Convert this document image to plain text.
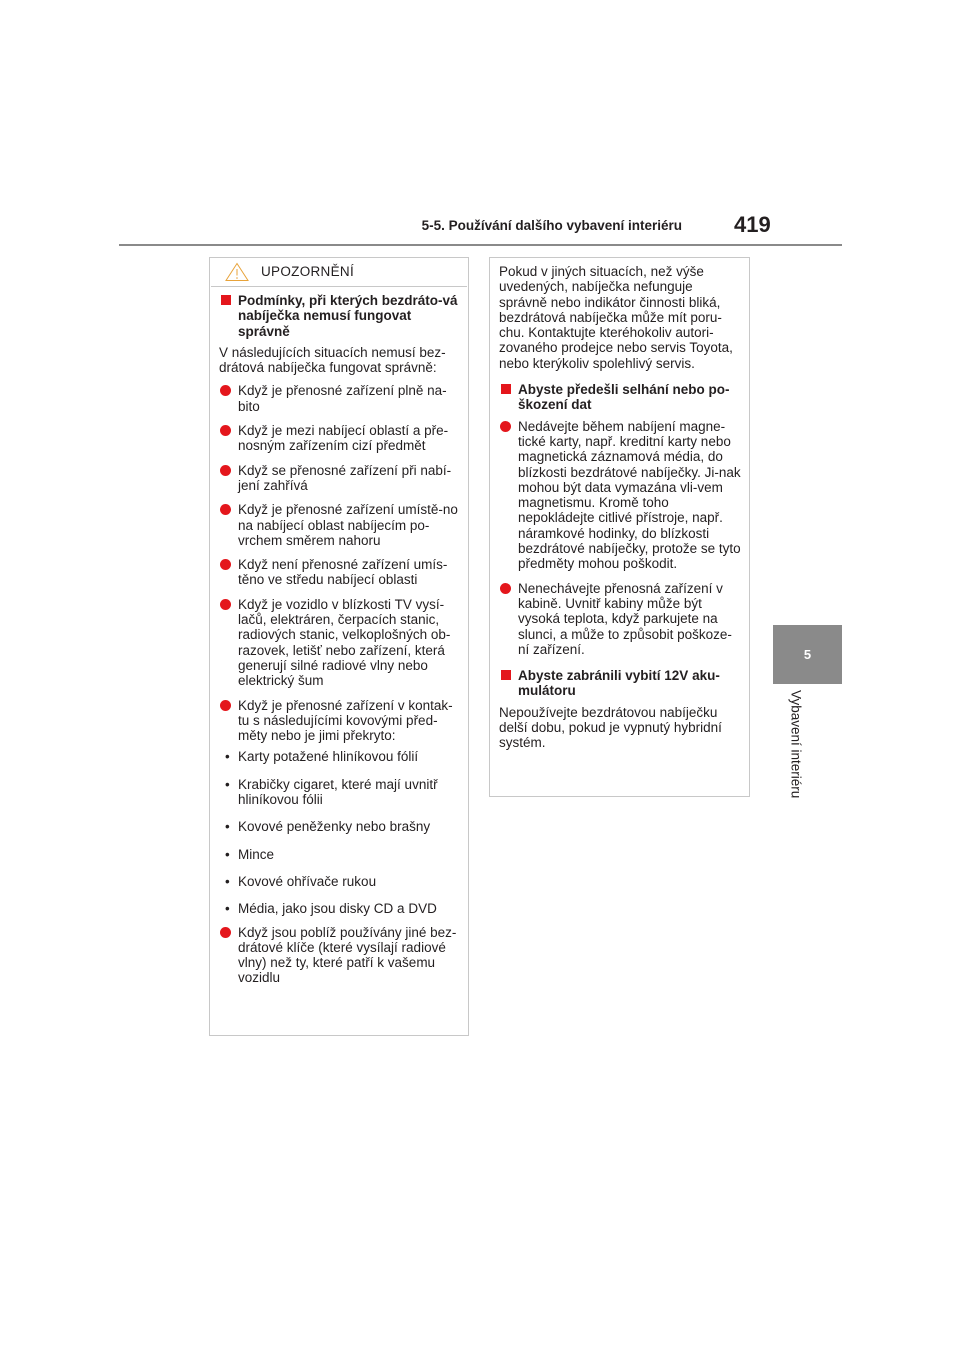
5-5. Používání dalšího vybavení interiéru 419
5
Vybavení interiéru
UPOZORNĚNÍ
Podmínky, při kterých bezdráto-vá nabíječka nemusí fungovat správně
V následujících situacích nemusí bez-drátová nabíječka fungovat správně:
Když je přenosné zařízení plně na-bito
Když je mezi nabíjecí oblastí a pře-nosným zařízením cizí předmět
Když se přenosné zařízení při nabí-jení zahřívá
Když je přenosné zařízení umístě-no na nabíjecí oblast nabíjecím po-vrchem směrem nahoru
Když není přenosné zařízení umís-těno ve středu nabíjecí oblasti
Když je vozidlo v blízkosti TV vysí-lačů, elektráren, čerpacích stanic, radiových stanic, velkoplošných ob-razovek, letišť nebo zařízení, která generují silné radiové vlny nebo elektrický šum
Když je přenosné zařízení v kontak-tu s následujícími kovovými před-měty nebo je jimi překryto:
• Karty potažené hliníkovou fólií
• Krabičky cigaret, které mají uvnitř hliníkovou fólii
• Kovové peněženky nebo brašny
• Mince
• Kovové ohřívače rukou
• Média, jako jsou disky CD a DVD
Když jsou poblíž používány jiné bez-drátové klíče (které vysílají radiové vlny) než ty, které patří k vašemu vozidlu
Pokud v jiných situacích, než výše uvedených, nabíječka nefunguje správně nebo indikátor činnosti bliká, bezdrátová nabíječka může mít poru-chu. Kontaktujte kteréhokoliv autori-zovaného prodejce nebo servis Toyota, nebo kterýkoliv spolehlivý servis.
Abyste předešli selhání nebo po-škození dat
Nedávejte během nabíjení magne-tické karty, např. kreditní karty nebo magnetická záznamová média, do blízkosti bezdrátové nabíječky. Ji-nak mohou být data vymazána vli-vem magnetismu. Kromě toho nepokládejte citlivé přístroje, např. náramkové hodinky, do blízkosti bezdrátové nabíječky, protože se tyto předměty mohou poškodit.
Nenechávejte přenosná zařízení v kabině. Uvnitř kabiny může být vysoká teplota, když parkujete na slunci, a může to způsobit poškoze-ní zařízení.
Abyste zabránili vybití 12V aku-mulátoru
Nepoužívejte bezdrátovou nabíječku delší dobu, pokud je vypnutý hybridní systém.
